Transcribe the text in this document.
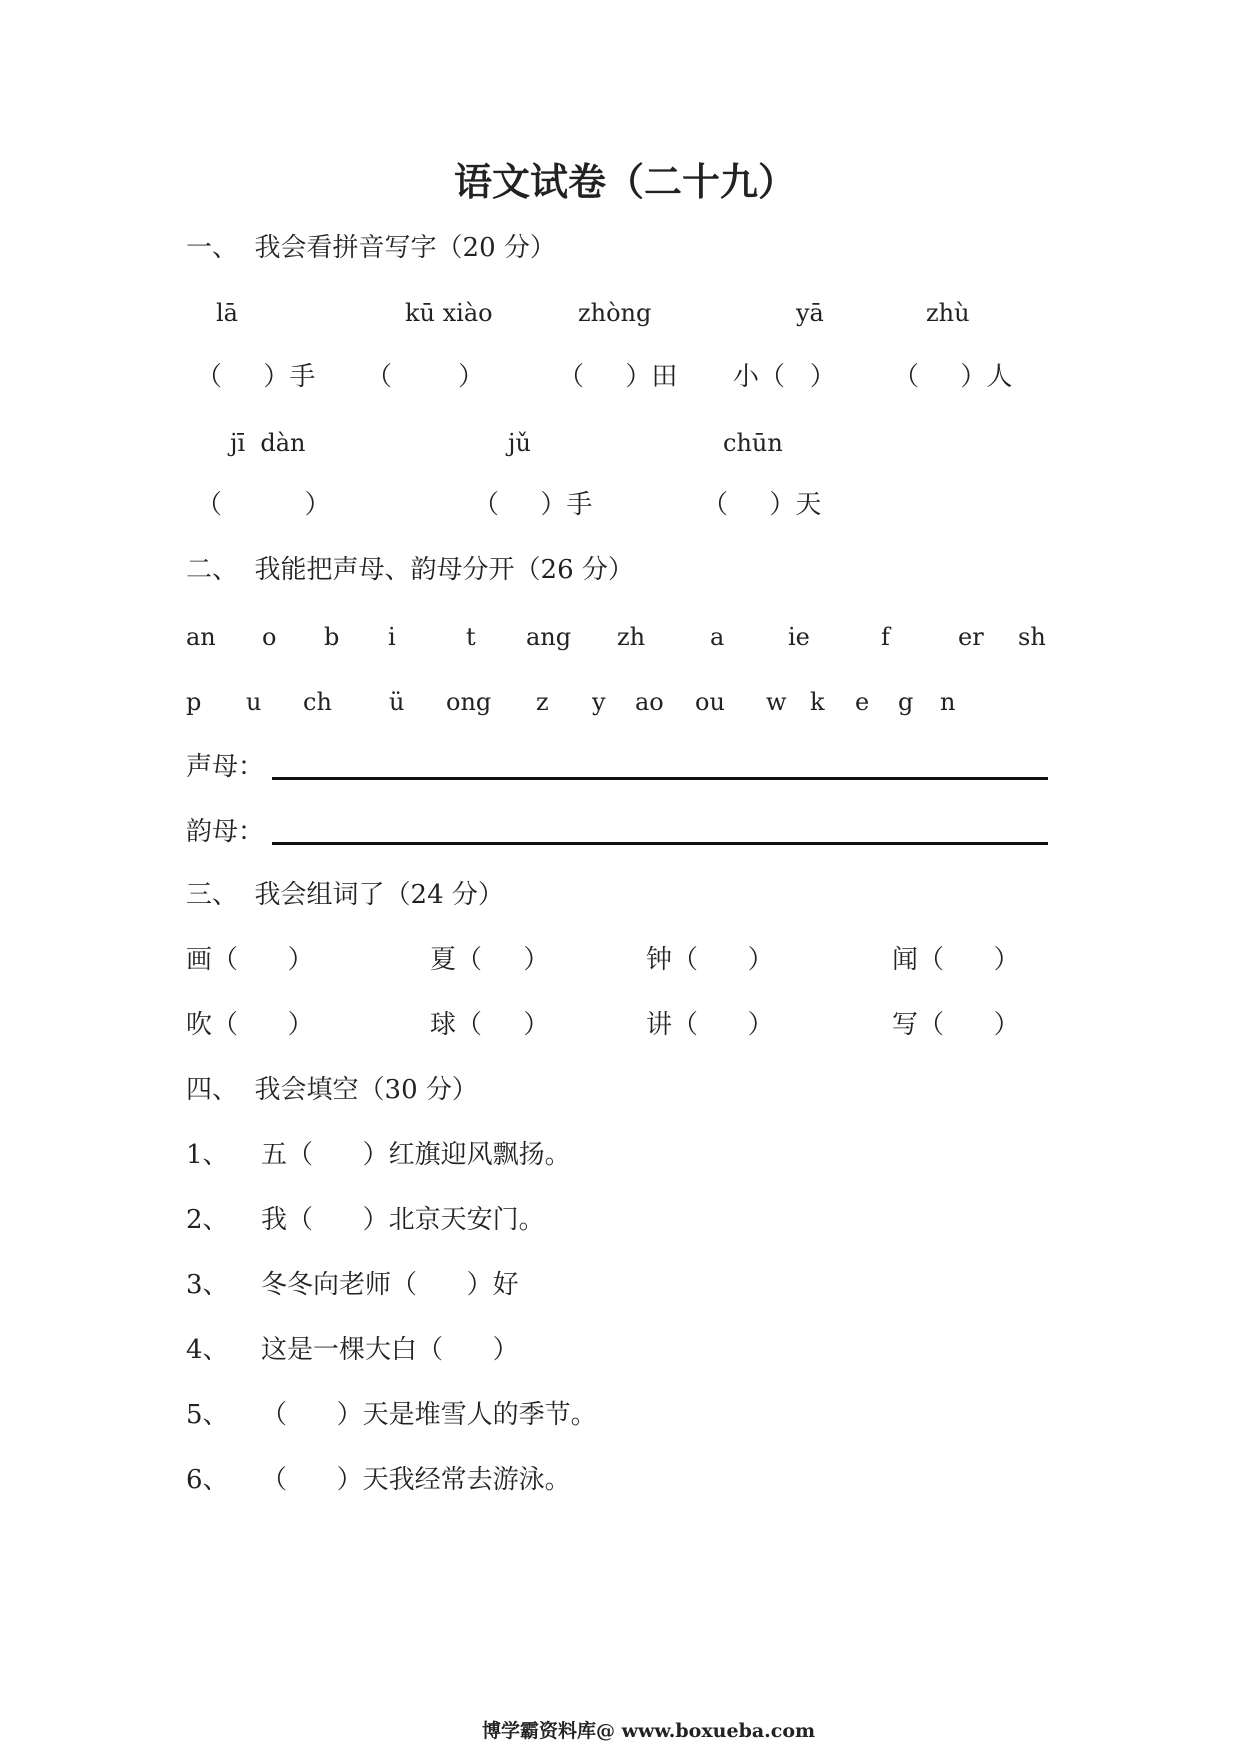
语文试卷（二十九）
一、  我会看拼音写字（20 分）
lā	kū xiào	zhòng	yā	zhù
（     ）手 （        ）	（     ）田 小（   ） （     ）人
jī  dàn	jǔ	chūn
（          ）	（     ）手	（     ）天
二、  我能把声母、韵母分开（26 分）
an o b i	t ang zh	a	ie	f	er sh
p u ch ü ong z y ao ou w k e g n
声母：
韵母：
三、  我会组词了（24 分）
画（      ）	夏（     ）	钟（      ）	闻（      ）
吹（      ）	球（     ）	讲（      ）	写（      ）
四、  我会填空（30 分）
1、 五（      ）红旗迎风飘扬。
2、 我（      ）北京天安门。
3、 冬冬向老师（      ）好
4、 这是一棵大白（      ）
5、 （      ）天是堆雪人的季节。
6、 （      ）天我经常去游泳。
博学霸资料库@ www.boxueba.com
